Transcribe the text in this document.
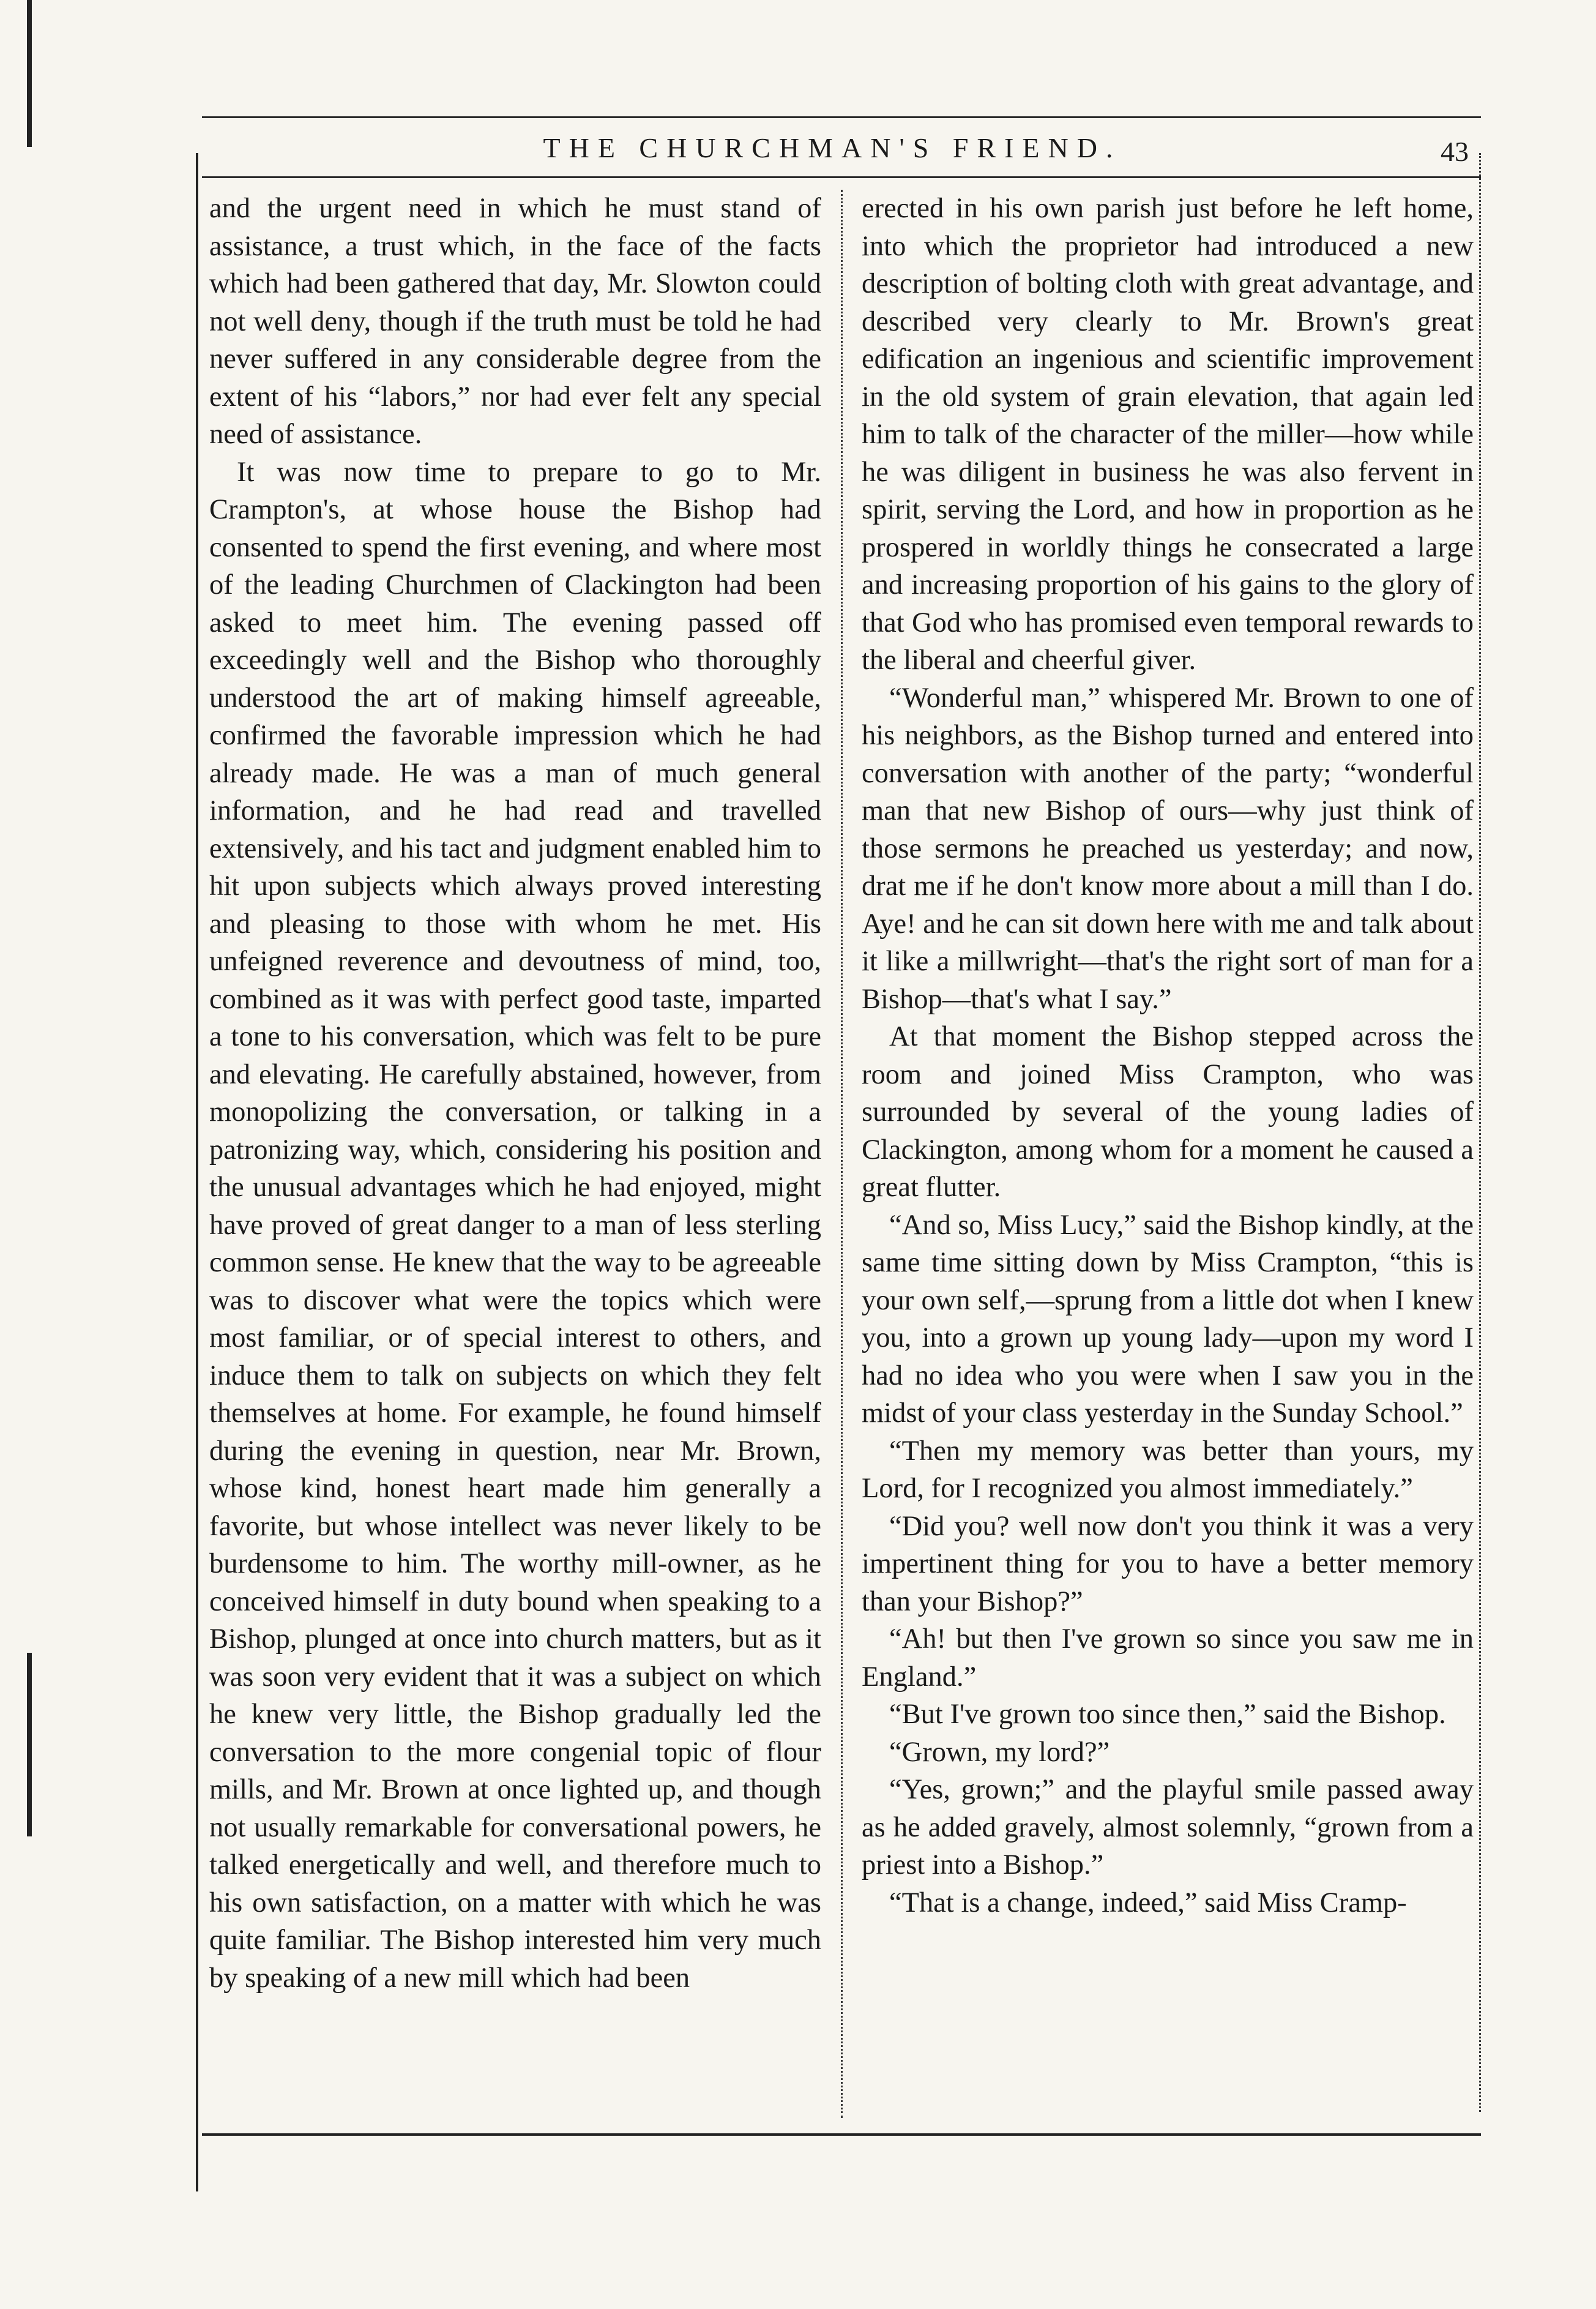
THE CHURCHMAN'S FRIEND.	43

and the urgent need in which he must stand of assistance, a trust which, in the face of the facts which had been gathered that day, Mr. Slowton could not well deny, though if the truth must be told he had never suffered in any considerable degree from the extent of his “labors,” nor had ever felt any special need of assistance.

It was now time to prepare to go to Mr. Crampton's, at whose house the Bishop had consented to spend the first evening, and where most of the leading Churchmen of Clackington had been asked to meet him. The evening passed off exceedingly well and the Bishop who thoroughly understood the art of making himself agreeable, confirmed the favorable impression which he had already made. He was a man of much general information, and he had read and travelled extensively, and his tact and judgment enabled him to hit upon subjects which always proved interesting and pleasing to those with whom he met. His unfeigned reverence and devoutness of mind, too, combined as it was with perfect good taste, imparted a tone to his conversation, which was felt to be pure and elevating. He carefully abstained, however, from monopolizing the conversation, or talking in a patronizing way, which, considering his position and the unusual advantages which he had enjoyed, might have proved of great danger to a man of less sterling common sense. He knew that the way to be agreeable was to discover what were the topics which were most familiar, or of special interest to others, and induce them to talk on subjects on which they felt themselves at home. For example, he found himself during the evening in question, near Mr. Brown, whose kind, honest heart made him generally a favorite, but whose intellect was never likely to be burdensome to him. The worthy mill-owner, as he conceived himself in duty bound when speaking to a Bishop, plunged at once into church matters, but as it was soon very evident that it was a subject on which he knew very little, the Bishop gradually led the conversation to the more congenial topic of flour mills, and Mr. Brown at once lighted up, and though not usually remarkable for conversational powers, he talked energetically and well, and therefore much to his own satisfaction, on a matter with which he was quite familiar. The Bishop interested him very much by speaking of a new mill which had been

erected in his own parish just before he left home, into which the proprietor had introduced a new description of bolting cloth with great advantage, and described very clearly to Mr. Brown's great edification an ingenious and scientific improvement in the old system of grain elevation, that again led him to talk of the character of the miller—how while he was diligent in business he was also fervent in spirit, serving the Lord, and how in proportion as he prospered in worldly things he consecrated a large and increasing proportion of his gains to the glory of that God who has promised even temporal rewards to the liberal and cheerful giver.

“Wonderful man,” whispered Mr. Brown to one of his neighbors, as the Bishop turned and entered into conversation with another of the party; “wonderful man that new Bishop of ours—why just think of those sermons he preached us yesterday; and now, drat me if he don't know more about a mill than I do. Aye! and he can sit down here with me and talk about it like a millwright—that's the right sort of man for a Bishop—that's what I say.”

At that moment the Bishop stepped across the room and joined Miss Crampton, who was surrounded by several of the young ladies of Clackington, among whom for a moment he caused a great flutter.

“And so, Miss Lucy,” said the Bishop kindly, at the same time sitting down by Miss Crampton, “this is your own self,—sprung from a little dot when I knew you, into a grown up young lady—upon my word I had no idea who you were when I saw you in the midst of your class yesterday in the Sunday School.”

“Then my memory was better than yours, my Lord, for I recognized you almost immediately.”

“Did you? well now don't you think it was a very impertinent thing for you to have a better memory than your Bishop?”

“Ah! but then I've grown so since you saw me in England.”

“But I've grown too since then,” said the Bishop.

“Grown, my lord?”

“Yes, grown;” and the playful smile passed away as he added gravely, almost solemnly, “grown from a priest into a Bishop.”

“That is a change, indeed,” said Miss Cramp-
